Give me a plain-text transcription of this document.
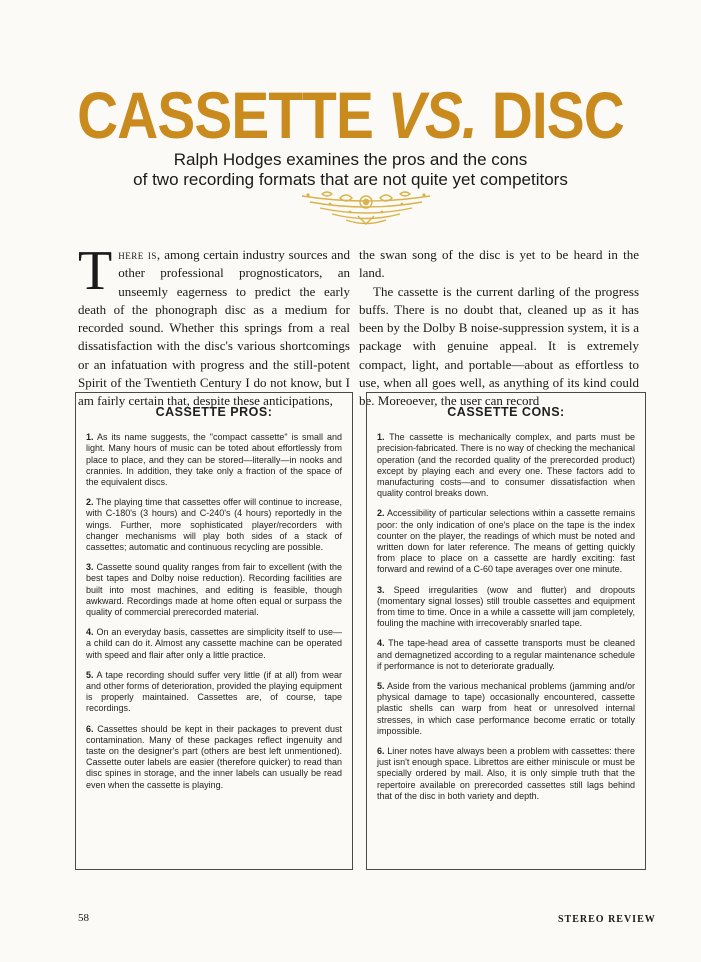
CASSETTE VS. DISC
Ralph Hodges examines the pros and the cons
of two recording formats that are not quite yet competitors

There is, among certain industry sources and other professional prognosticators, an unseemly eagerness to predict the early death of the phonograph disc as a medium for recorded sound. Whether this springs from a real dissatisfaction with the disc's various shortcomings or an infatuation with progress and the still-potent Spirit of the Twentieth Century I do not know, but I am fairly certain that, despite these anticipations,

the swan song of the disc is yet to be heard in the land.

The cassette is the current darling of the progress buffs. There is no doubt that, cleaned up as it has been by the Dolby B noise-suppression system, it is a package with genuine appeal. It is extremely compact, light, and portable—about as effortless to use, when all goes well, as anything of its kind could be. Moreoever, the user can record

CASSETTE PROS:

1. As its name suggests, the "compact cassette" is small and light. Many hours of music can be toted about effortlessly from place to place, and they can be stored—literally—in nooks and crannies. In addition, they take only a fraction of the space of the equivalent discs.

2. The playing time that cassettes offer will continue to increase, with C-180's (3 hours) and C-240's (4 hours) reportedly in the wings. Further, more sophisticated player/recorders with changer mechanisms will play both sides of a stack of cassettes; automatic and continuous recycling are possible.

3. Cassette sound quality ranges from fair to excellent (with the best tapes and Dolby noise reduction). Recording facilities are built into most machines, and editing is feasible, though awkward. Recordings made at home often equal or surpass the quality of commercial prerecorded material.

4. On an everyday basis, cassettes are simplicity itself to use—a child can do it. Almost any cassette machine can be operated with speed and flair after only a little practice.

5. A tape recording should suffer very little (if at all) from wear and other forms of deterioration, provided the playing equipment is properly maintained. Cassettes are, of course, tape recordings.

6. Cassettes should be kept in their packages to prevent dust contamination. Many of these packages reflect ingenuity and taste on the designer's part (others are best left unmentioned). Cassette outer labels are easier (therefore quicker) to read than disc spines in storage, and the inner labels can usually be read even when the cassette is playing.

CASSETTE CONS:

1. The cassette is mechanically complex, and parts must be precision-fabricated. There is no way of checking the mechanical operation (and the recorded quality of the prerecorded product) except by playing each and every one. These factors add to manufacturing costs—and to consumer dissatisfaction when quality control breaks down.

2. Accessibility of particular selections within a cassette remains poor: the only indication of one's place on the tape is the index counter on the player, the readings of which must be noted and written down for later reference. The means of getting quickly from place to place on a cassette are hardly exciting: fast forward and rewind of a C-60 tape averages over one minute.

3. Speed irregularities (wow and flutter) and dropouts (momentary signal losses) still trouble cassettes and equipment from time to time. Once in a while a cassette will jam completely, fouling the machine with irrecoverably snarled tape.

4. The tape-head area of cassette transports must be cleaned and demagnetized according to a regular maintenance schedule if performance is not to deteriorate gradually.

5. Aside from the various mechanical problems (jamming and/or physical damage to tape) occasionally encountered, cassette plastic shells can warp from heat or unresolved internal stresses, in which case performance become erratic or totally impossible.

6. Liner notes have always been a problem with cassettes: there just isn't enough space. Librettos are either miniscule or must be specially ordered by mail. Also, it is only simple truth that the repertoire available on prerecorded cassettes still lags behind that of the disc in both variety and depth.

58	STEREO REVIEW
